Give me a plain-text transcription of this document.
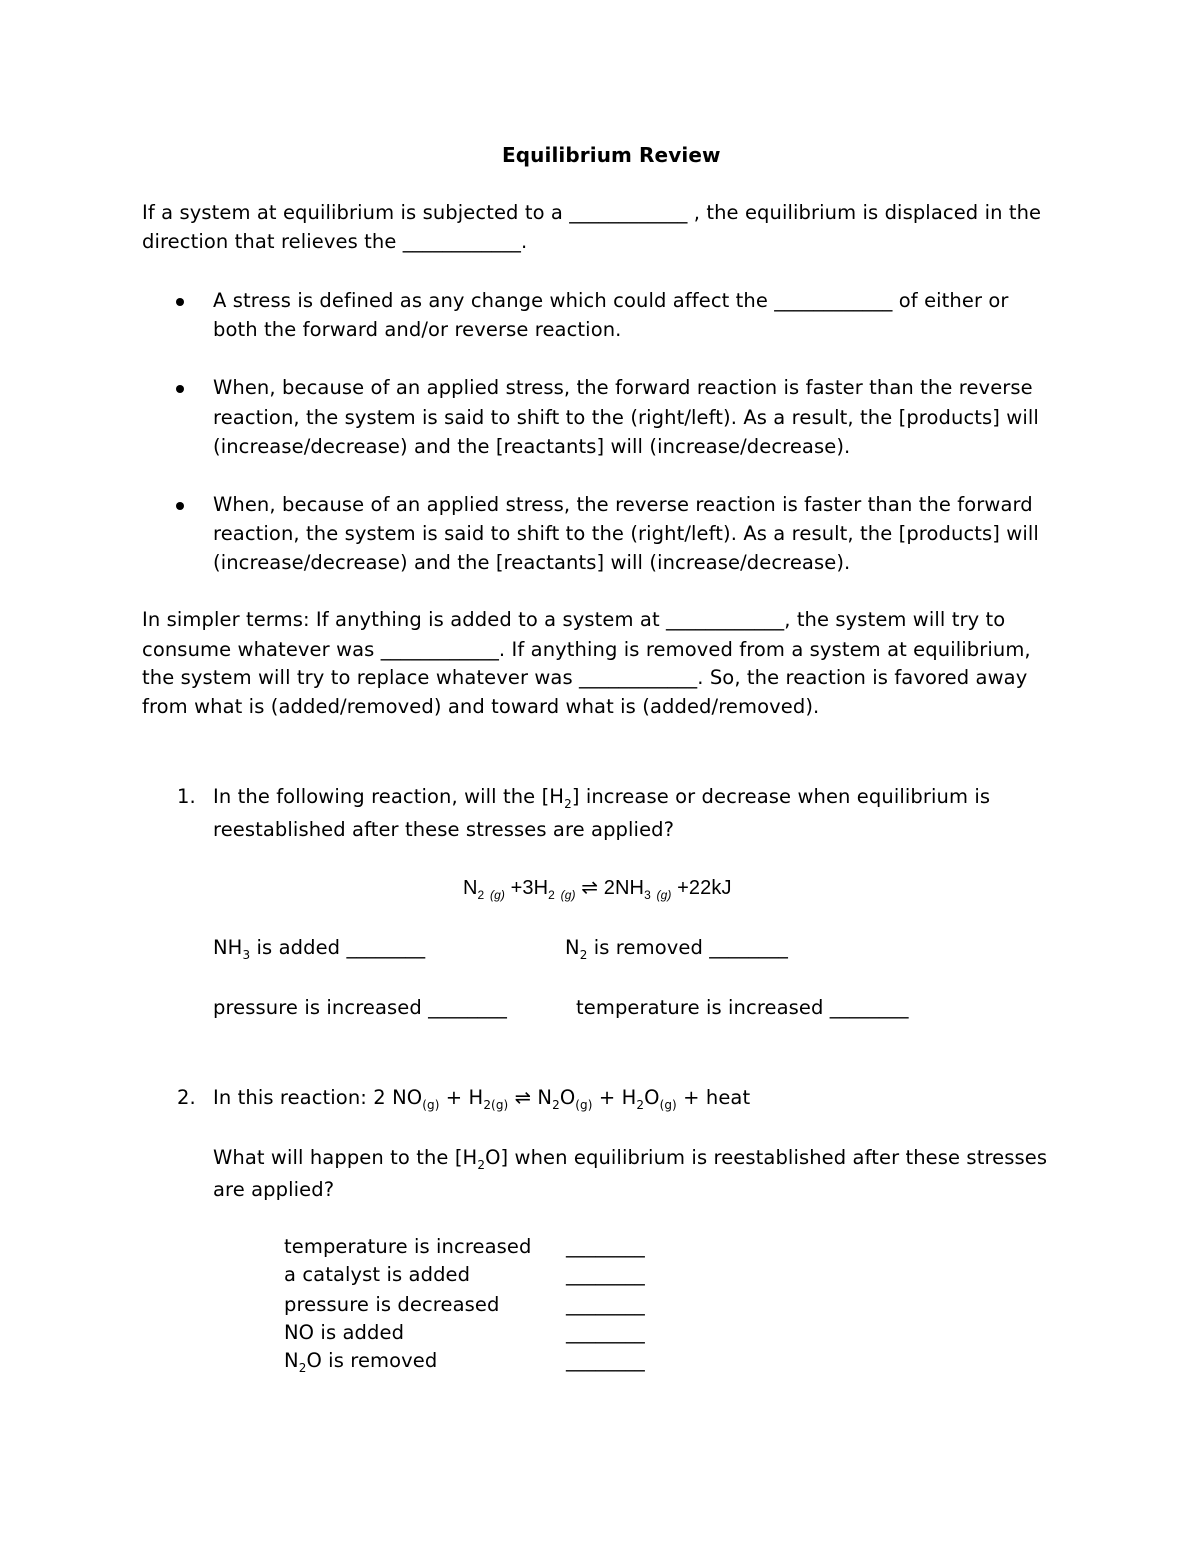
Equilibrium Review
If a system at equilibrium is subjected to a ____________ , the equilibrium is displaced in the
direction that relieves the ____________.
A stress is defined as any change which could affect the ____________ of either or
both the forward and/or reverse reaction.
When, because of an applied stress, the forward reaction is faster than the reverse
reaction, the system is said to shift to the (right/left). As a result, the [products] will
(increase/decrease) and the [reactants] will (increase/decrease).
When, because of an applied stress, the reverse reaction is faster than the forward
reaction, the system is said to shift to the (right/left). As a result, the [products] will
(increase/decrease) and the [reactants] will (increase/decrease).
In simpler terms: If anything is added to a system at ____________, the system will try to
consume whatever was ____________. If anything is removed from a system at equilibrium,
the system will try to replace whatever was ____________. So, the reaction is favored away
from what is (added/removed) and toward what is (added/removed).
1. In the following reaction, will the $[H_2]$ increase or decrease when equilibrium is
reestablished after these stresses are applied?
$N_2$ $_{(g)} +3H_2$ $_{(g)}$ ⇌ $2NH_3$ $_{(g)}$ +22kJ
$NH_3$ is added ________	$N_2$ is removed ________
pressure is increased ________	temperature is increased ________
2. In this reaction: 2 $NO_{(g)} + H_{2(g)}$ ⇌ $N_2O_{(g)} + H_2O_{(g)}$ + heat
What will happen to the $[H_2O]$ when equilibrium is reestablished after these stresses
are applied?
temperature is increased ________
a catalyst is added	________
pressure is decreased	________
NO is added	________
$N_2O$ is removed	________
